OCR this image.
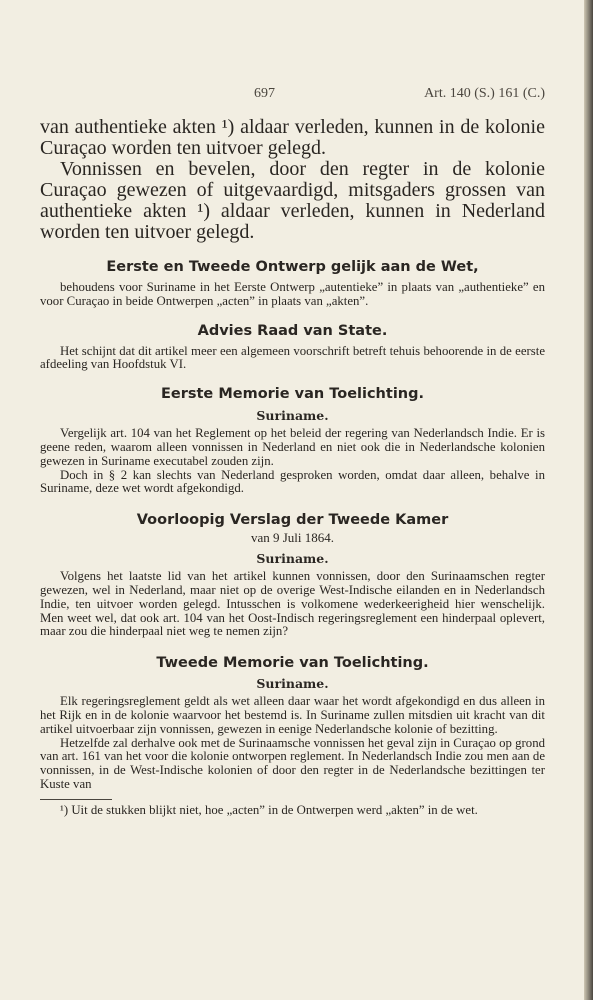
697	Art. 140 (S.) 161 (C.)

van authentieke akten ¹) aldaar verleden, kunnen in de kolonie Curaçao worden ten uitvoer gelegd.

Vonnissen en bevelen, door den regter in de kolonie Curaçao gewezen of uitgevaardigd, mitsgaders grossen van authentieke akten ¹) aldaar verleden, kunnen in Nederland worden ten uitvoer gelegd.

Eerste en Tweede Ontwerp gelijk aan de Wet,

behoudens voor Suriname in het Eerste Ontwerp „autentieke” in plaats van „authentieke” en voor Curaçao in beide Ontwerpen „acten” in plaats van „akten”.

Advies Raad van State.

Het schijnt dat dit artikel meer een algemeen voorschrift betreft tehuis behoorende in de eerste afdeeling van Hoofdstuk VI.

Eerste Memorie van Toelichting.

Suriname.

Vergelijk art. 104 van het Reglement op het beleid der regering van Nederlandsch Indie. Er is geene reden, waarom alleen vonnissen in Nederland en niet ook die in Nederlandsche kolonien gewezen in Suriname executabel zouden zijn.

Doch in § 2 kan slechts van Nederland gesproken worden, omdat daar alleen, behalve in Suriname, deze wet wordt afgekondigd.

Voorloopig Verslag der Tweede Kamer

van 9 Juli 1864.

Suriname.

Volgens het laatste lid van het artikel kunnen vonnissen, door den Surinaamschen regter gewezen, wel in Nederland, maar niet op de overige West-Indische eilanden en in Nederlandsch Indie, ten uitvoer worden gelegd. Intusschen is volkomene wederkeerigheid hier wenschelijk. Men weet wel, dat ook art. 104 van het Oost-Indisch regeringsreglement een hinderpaal oplevert, maar zou die hinderpaal niet weg te nemen zijn?

Tweede Memorie van Toelichting.

Suriname.

Elk regeringsreglement geldt als wet alleen daar waar het wordt afgekondigd en dus alleen in het Rijk en in de kolonie waarvoor het bestemd is. In Suriname zullen mitsdien uit kracht van dit artikel uitvoerbaar zijn vonnissen, gewezen in eenige Nederlandsche kolonie of bezitting.

Hetzelfde zal derhalve ook met de Surinaamsche vonnissen het geval zijn in Curaçao op grond van art. 161 van het voor die kolonie ontworpen reglement. In Nederlandsch Indie zou men aan de vonnissen, in de West-Indische kolonien of door den regter in de Nederlandsche bezittingen ter Kuste van

¹) Uit de stukken blijkt niet, hoe „acten” in de Ontwerpen werd „akten” in de wet.
